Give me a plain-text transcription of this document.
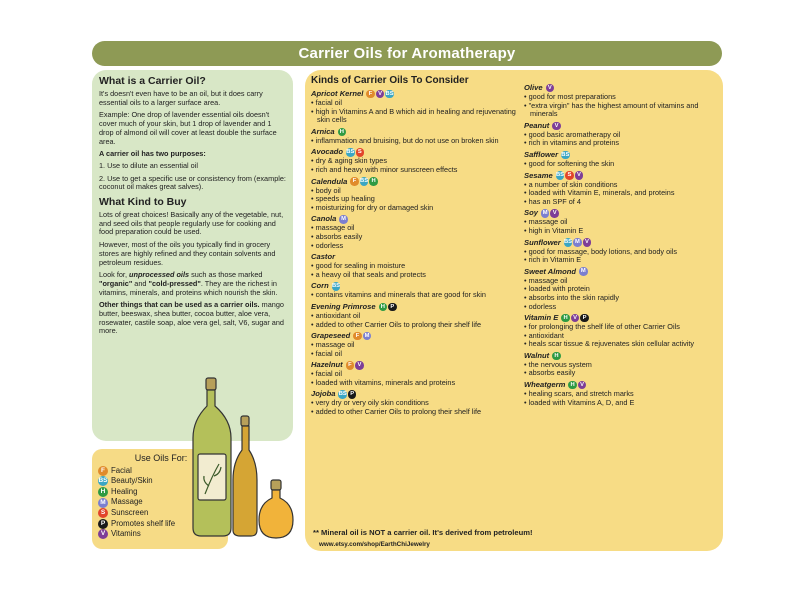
Carrier Oils for Aromatherapy
What is a Carrier Oil?

It's doesn't even have to be an oil, but it does carry essential oils to a larger surface area.

Example: One drop of lavender essential oils doesn't cover much of your skin, but 1 drop of lavender and 1 drop of almond oil will cover at least double the surface area.

A carrier oil has two purposes:

1. Use to dilute an essential oil

2. Use to get a specific use or consistency from (example: coconut oil makes great salves).

What Kind to Buy

Lots of great choices! Basically any of the vegetable, nut, and seed oils that people regularly use for cooking and food preparation could be used.

However, most of the oils you typically find in grocery stores are highly refined and they contain solvents and petroleum residues.

Look for, unprocessed oils such as those marked "organic" and "cold-pressed". They are the richest in vitamins, minerals, and proteins which nourish the skin.

Other things that can be used as a carrier oils. mango butter, beeswax, shea butter, cocoa butter, aloe vera, rosewater, castile soap, aloe vera gel, salt, V6, sugar and more.

Use Oils For:
F Facial
BS Beauty/Skin
H Healing
M Massage
S Sunscreen
P Promotes shelf life
V Vitamins
Kinds of Carrier Oils To Consider
Apricot Kernel F V BS
• facial oil
• high in Vitamins A and B which aid in healing and rejuvenating skin cells
Arnica H
• inflammation and bruising, but do not use on broken skin
Avocado BS S
• dry & aging skin types
• rich and heavy with minor sunscreen effects
Calendula F BS H
• body oil
• speeds up healing
• moisturizing for dry or damaged skin
Canola M
• massage oil
• absorbs easily
• odorless
Castor
• good for sealing in moisture
• a heavy oil that seals and protects
Corn BS
• contains vitamins and minerals that are good for skin
Evening Primrose H P
• antioxidant oil
• added to other Carrier Oils to prolong their shelf life
Grapeseed F M
• massage oil
• facial oil
Hazelnut F V
• facial oil
• loaded with vitamins, minerals and proteins
Jojoba BS P
• very dry or very oily skin conditions
• added to other Carrier Oils to prolong their shelf life
Olive V
• good for most preparations
• "extra virgin" has the highest amount of vitamins and minerals
Peanut V
• good basic aromatherapy oil
• rich in vitamins and proteins
Safflower BS
• good for softening the skin
Sesame BS S V
• a number of skin conditions
• loaded with Vitamin E, minerals, and proteins
• has an SPF of 4
Soy M V
• massage oil
• high in Vitamin E
Sunflower BS M V
• good for massage, body lotions, and body oils
• rich in Vitamin E
Sweet Almond M
• massage oil
• loaded with protein
• absorbs into the skin rapidly
• odorless
Vitamin E H V P
• for prolonging the shelf life of other Carrier Oils
• antioxidant
• heals scar tissue & rejuvenates skin cellular activity
Walnut H
• the nervous system
• absorbs easily
Wheatgerm H V
• healing scars, and stretch marks
• loaded with Vitamins A, D, and E
** Mineral oil is NOT a carrier oil. It's derived from petroleum!
www.etsy.com/shop/EarthChiJewelry
